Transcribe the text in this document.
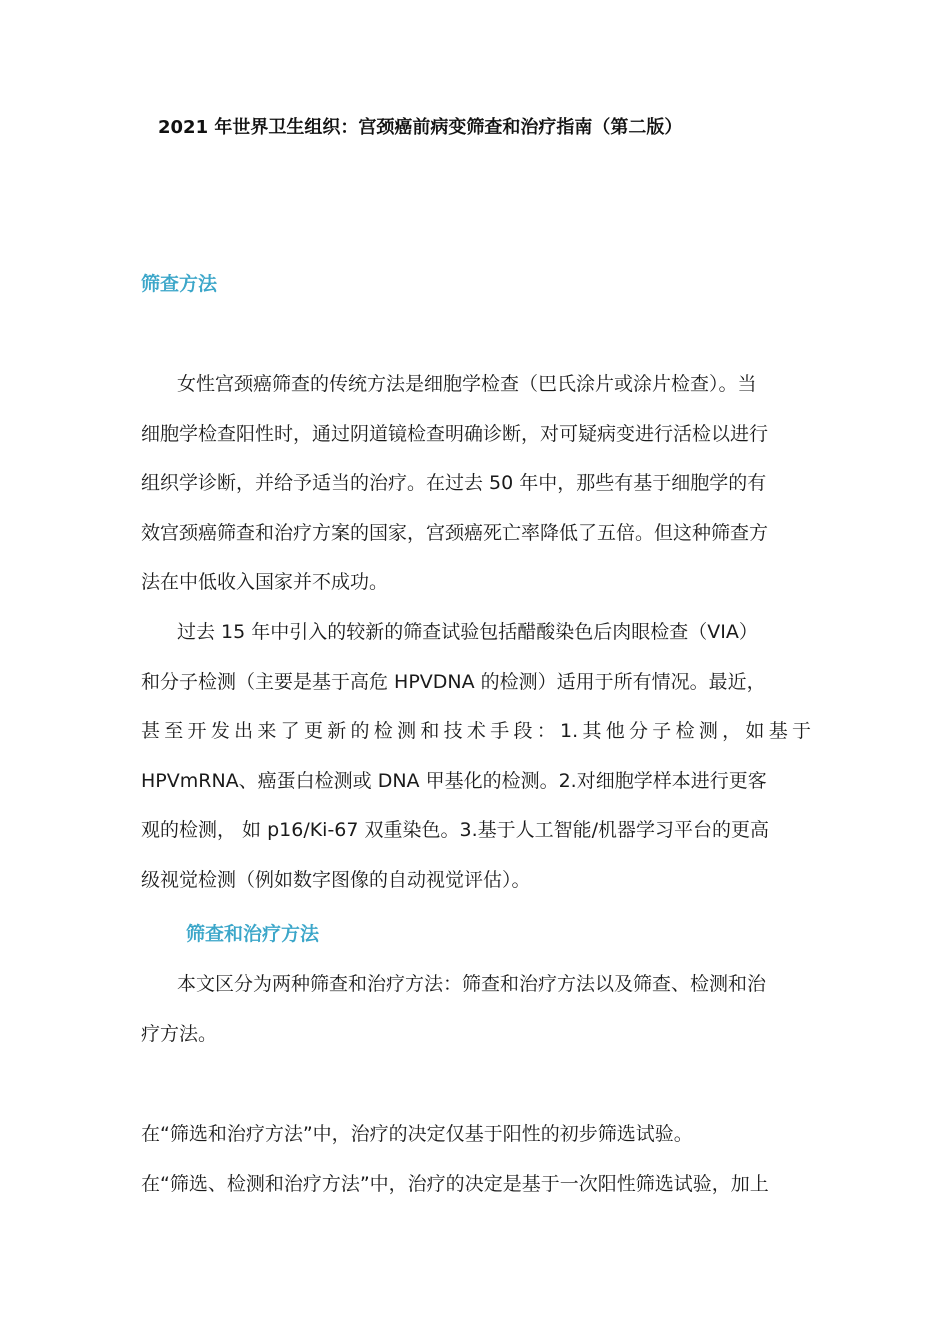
2021 年世界卫生组织：宫颈癌前病变筛查和治疗指南（第二版）
筛查方法
女性宫颈癌筛查的传统方法是细胞学检查（巴氏涂片或涂片检查）。当
细胞学检查阳性时，通过阴道镜检查明确诊断，对可疑病变进行活检以进行
组织学诊断，并给予适当的治疗。在过去 50 年中，那些有基于细胞学的有
效宫颈癌筛查和治疗方案的国家，宫颈癌死亡率降低了五倍。但这种筛查方
法在中低收入国家并不成功。
过去 15 年中引入的较新的筛查试验包括醋酸染色后肉眼检查（VIA）
和分子检测（主要是基于高危 HPVDNA 的检测）适用于所有情况。最近，
甚至开发出来了更新的检测和技术手段：1.其他分子检测，如基于
HPVmRNA、癌蛋白检测或 DNA 甲基化的检测。2.对细胞学样本进行更客
观的检测， 如 p16/Ki-67 双重染色。3.基于人工智能/机器学习平台的更高
级视觉检测（例如数字图像的自动视觉评估）。
筛查和治疗方法
本文区分为两种筛查和治疗方法：筛查和治疗方法以及筛查、检测和治
疗方法。
在“筛选和治疗方法”中，治疗的决定仅基于阳性的初步筛选试验。
在“筛选、检测和治疗方法”中，治疗的决定是基于一次阳性筛选试验，加上
